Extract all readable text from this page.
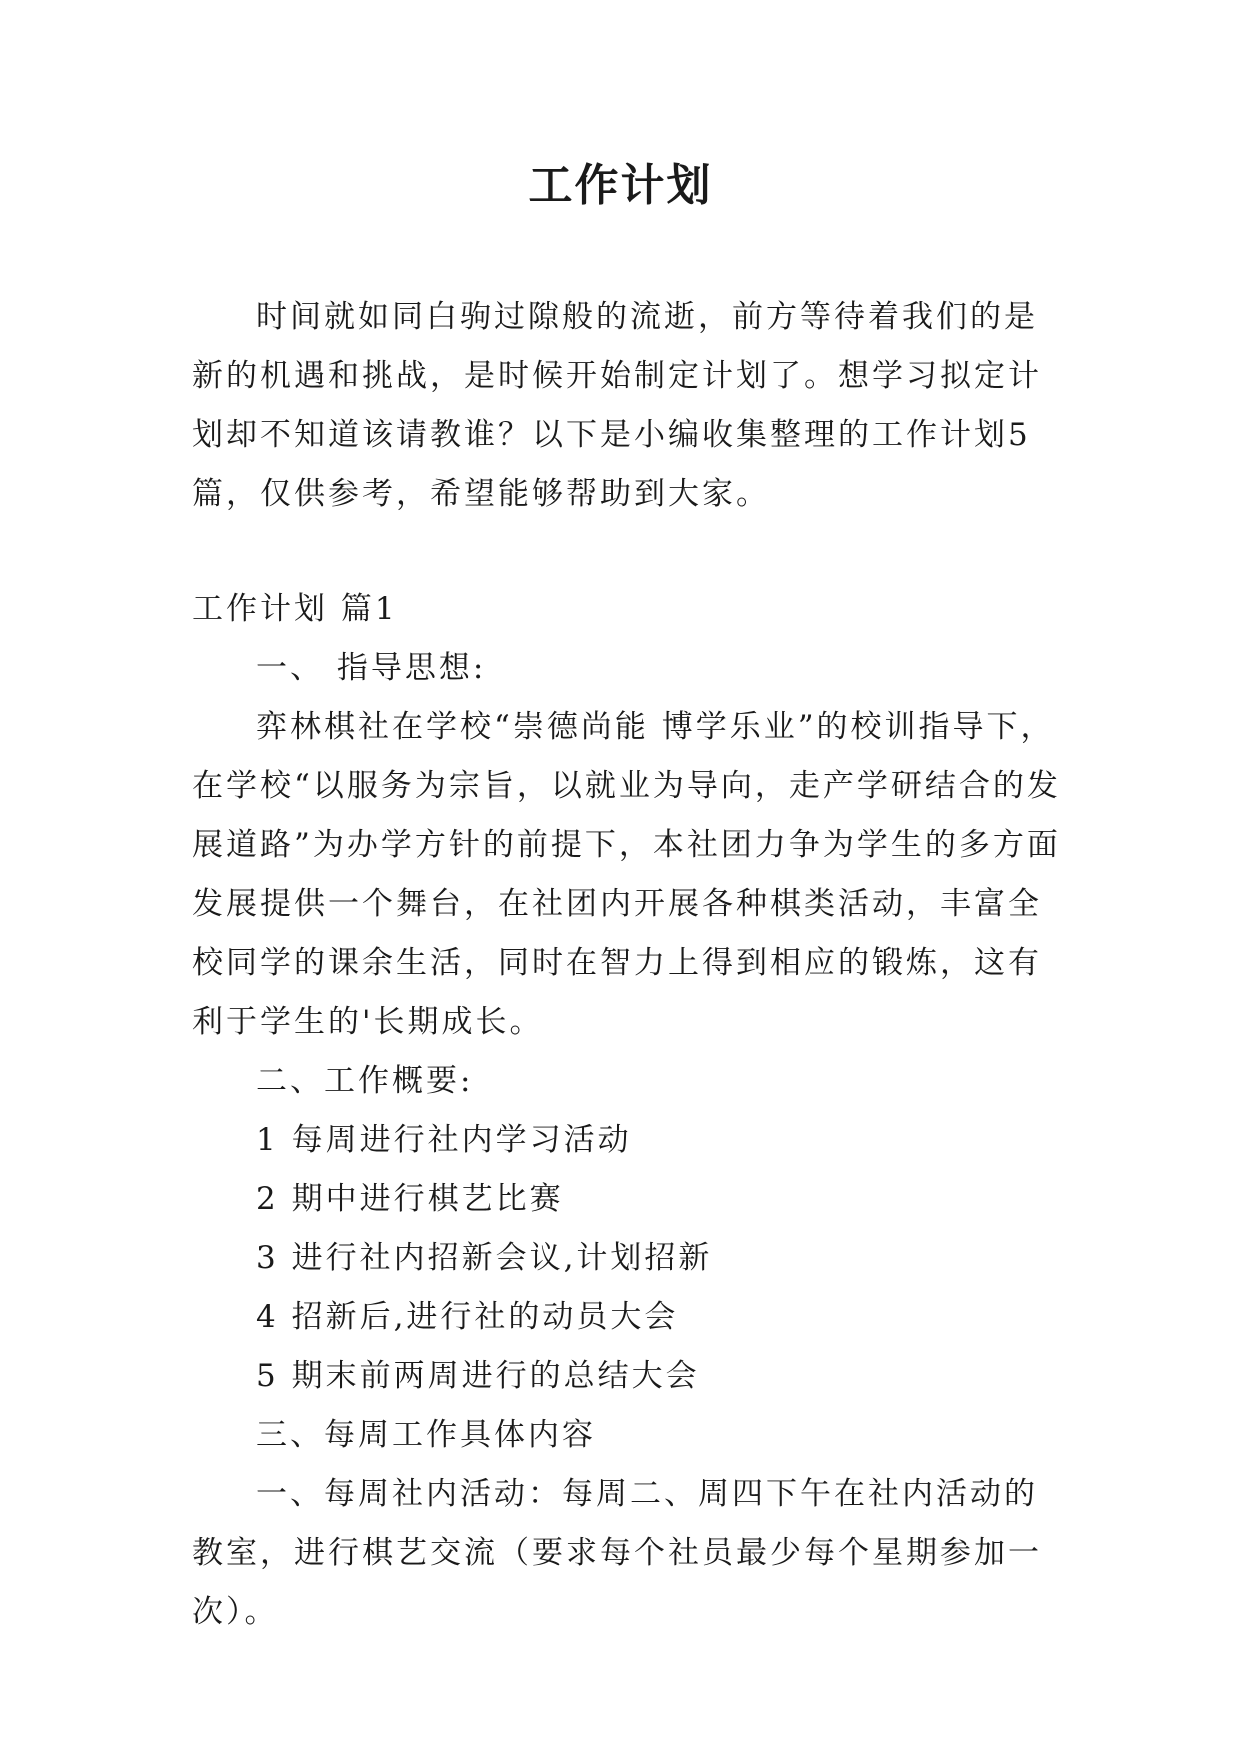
工作计划

时间就如同白驹过隙般的流逝，前方等待着我们的是新的机遇和挑战，是时候开始制定计划了。想学习拟定计划却不知道该请教谁？以下是小编收集整理的工作计划5篇，仅供参考，希望能够帮助到大家。

工作计划 篇1

一、 指导思想:

弈林棋社在学校“崇德尚能 博学乐业”的校训指导下，在学校“以服务为宗旨，以就业为导向，走产学研结合的发展道路”为办学方针的前提下，本社团力争为学生的多方面发展提供一个舞台，在社团内开展各种棋类活动，丰富全校同学的课余生活，同时在智力上得到相应的锻炼，这有利于学生的'长期成长。

二、工作概要:

1 每周进行社内学习活动

2 期中进行棋艺比赛

3 进行社内招新会议,计划招新

4 招新后,进行社的动员大会

5 期末前两周进行的总结大会

三、每周工作具体内容

一、每周社内活动：每周二、周四下午在社内活动的教室，进行棋艺交流（要求每个社员最少每个星期参加一次）。
